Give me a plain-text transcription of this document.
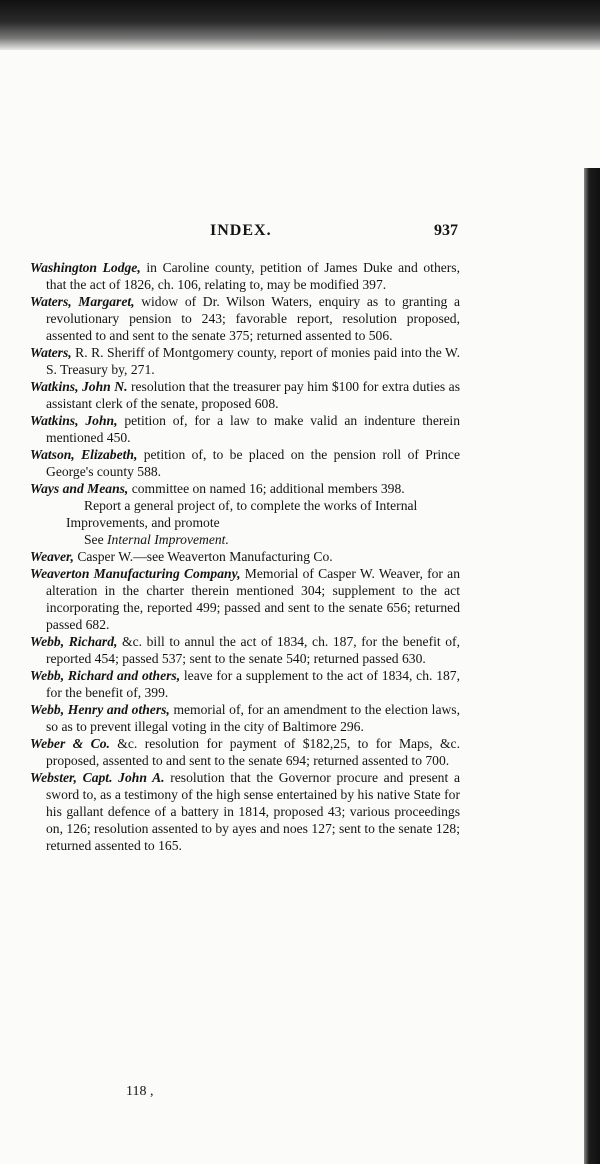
INDEX.	937

Washington Lodge, in Caroline county, petition of James Duke and others, that the act of 1826, ch. 106, relating to, may be modified 397.

Waters, Margaret, widow of Dr. Wilson Waters, enquiry as to granting a revolutionary pension to 243; favorable report, resolution proposed, assented to and sent to the senate 375; returned assented to 506.

Waters, R. R. Sheriff of Montgomery county, report of monies paid into the W. S. Treasury by, 271.

Watkins, John N. resolution that the treasurer pay him $100 for extra duties as assistant clerk of the senate, proposed 608.

Watkins, John, petition of, for a law to make valid an indenture therein mentioned 450.

Watson, Elizabeth, petition of, to be placed on the pension roll of Prince George's county 588.

Ways and Means, committee on named 16; additional members 398.

Report a general project of, to complete the works of Internal Improvements, and promote

See Internal Improvement.

Weaver, Casper W.—see Weaverton Manufacturing Co.

Weaverton Manufacturing Company, Memorial of Casper W. Weaver, for an alteration in the charter therein mentioned 304; supplement to the act incorporating the, reported 499; passed and sent to the senate 656; returned passed 682.

Webb, Richard, &c. bill to annul the act of 1834, ch. 187, for the benefit of, reported 454; passed 537; sent to the senate 540; returned passed 630.

Webb, Richard and others, leave for a supplement to the act of 1834, ch. 187, for the benefit of, 399.

Webb, Henry and others, memorial of, for an amendment to the election laws, so as to prevent illegal voting in the city of Baltimore 296.

Weber & Co. &c. resolution for payment of $182,25, to for Maps, &c. proposed, assented to and sent to the senate 694; returned assented to 700.

Webster, Capt. John A. resolution that the Governor procure and present a sword to, as a testimony of the high sense entertained by his native State for his gallant defence of a battery in 1814, proposed 43; various proceedings on, 126; resolution assented to by ayes and noes 127; sent to the senate 128; returned assented to 165.

118 ,
